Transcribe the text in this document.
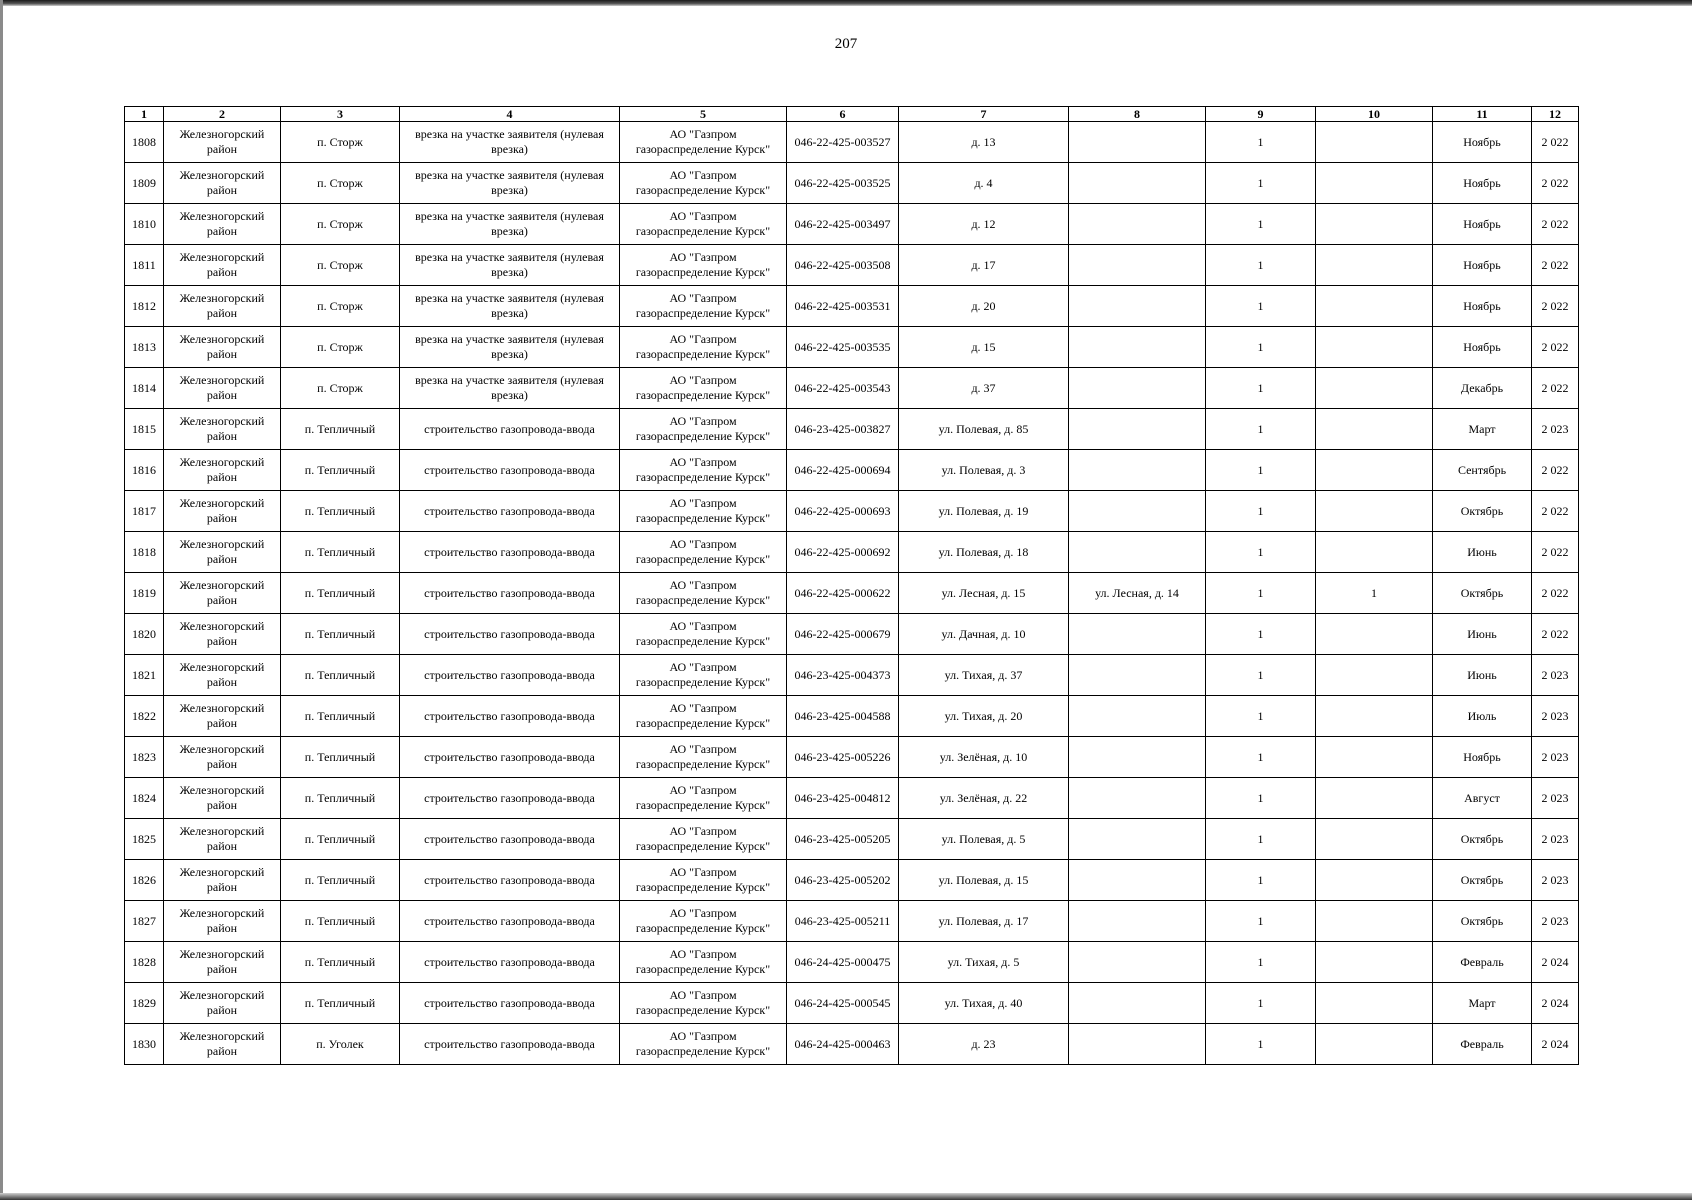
207
1	2	3	4	5	6	7	8	9	10	11	12
1808	Железногорский район	п. Сторж	врезка на участке заявителя (нулевая врезка)	АО "Газпром газораспределение Курск"	046-22-425-003527	д. 13		1		Ноябрь	2 022
1809	Железногорский район	п. Сторж	врезка на участке заявителя (нулевая врезка)	АО "Газпром газораспределение Курск"	046-22-425-003525	д. 4		1		Ноябрь	2 022
1810	Железногорский район	п. Сторж	врезка на участке заявителя (нулевая врезка)	АО "Газпром газораспределение Курск"	046-22-425-003497	д. 12		1		Ноябрь	2 022
1811	Железногорский район	п. Сторж	врезка на участке заявителя (нулевая врезка)	АО "Газпром газораспределение Курск"	046-22-425-003508	д. 17		1		Ноябрь	2 022
1812	Железногорский район	п. Сторж	врезка на участке заявителя (нулевая врезка)	АО "Газпром газораспределение Курск"	046-22-425-003531	д. 20		1		Ноябрь	2 022
1813	Железногорский район	п. Сторж	врезка на участке заявителя (нулевая врезка)	АО "Газпром газораспределение Курск"	046-22-425-003535	д. 15		1		Ноябрь	2 022
1814	Железногорский район	п. Сторж	врезка на участке заявителя (нулевая врезка)	АО "Газпром газораспределение Курск"	046-22-425-003543	д. 37		1		Декабрь	2 022
1815	Железногорский район	п. Тепличный	строительство газопровода-ввода	АО "Газпром газораспределение Курск"	046-23-425-003827	ул. Полевая, д. 85		1		Март	2 023
1816	Железногорский район	п. Тепличный	строительство газопровода-ввода	АО "Газпром газораспределение Курск"	046-22-425-000694	ул. Полевая, д. 3		1		Сентябрь	2 022
1817	Железногорский район	п. Тепличный	строительство газопровода-ввода	АО "Газпром газораспределение Курск"	046-22-425-000693	ул. Полевая, д. 19		1		Октябрь	2 022
1818	Железногорский район	п. Тепличный	строительство газопровода-ввода	АО "Газпром газораспределение Курск"	046-22-425-000692	ул. Полевая, д. 18		1		Июнь	2 022
1819	Железногорский район	п. Тепличный	строительство газопровода-ввода	АО "Газпром газораспределение Курск"	046-22-425-000622	ул. Лесная, д. 15	ул. Лесная, д. 14	1	1	Октябрь	2 022
1820	Железногорский район	п. Тепличный	строительство газопровода-ввода	АО "Газпром газораспределение Курск"	046-22-425-000679	ул. Дачная, д. 10		1		Июнь	2 022
1821	Железногорский район	п. Тепличный	строительство газопровода-ввода	АО "Газпром газораспределение Курск"	046-23-425-004373	ул. Тихая, д. 37		1		Июнь	2 023
1822	Железногорский район	п. Тепличный	строительство газопровода-ввода	АО "Газпром газораспределение Курск"	046-23-425-004588	ул. Тихая, д. 20		1		Июль	2 023
1823	Железногорский район	п. Тепличный	строительство газопровода-ввода	АО "Газпром газораспределение Курск"	046-23-425-005226	ул. Зелёная, д. 10		1		Ноябрь	2 023
1824	Железногорский район	п. Тепличный	строительство газопровода-ввода	АО "Газпром газораспределение Курск"	046-23-425-004812	ул. Зелёная, д. 22		1		Август	2 023
1825	Железногорский район	п. Тепличный	строительство газопровода-ввода	АО "Газпром газораспределение Курск"	046-23-425-005205	ул. Полевая, д. 5		1		Октябрь	2 023
1826	Железногорский район	п. Тепличный	строительство газопровода-ввода	АО "Газпром газораспределение Курск"	046-23-425-005202	ул. Полевая, д. 15		1		Октябрь	2 023
1827	Железногорский район	п. Тепличный	строительство газопровода-ввода	АО "Газпром газораспределение Курск"	046-23-425-005211	ул. Полевая, д. 17		1		Октябрь	2 023
1828	Железногорский район	п. Тепличный	строительство газопровода-ввода	АО "Газпром газораспределение Курск"	046-24-425-000475	ул. Тихая, д. 5		1		Февраль	2 024
1829	Железногорский район	п. Тепличный	строительство газопровода-ввода	АО "Газпром газораспределение Курск"	046-24-425-000545	ул. Тихая, д. 40		1		Март	2 024
1830	Железногорский район	п. Уголек	строительство газопровода-ввода	АО "Газпром газораспределение Курск"	046-24-425-000463	д. 23		1		Февраль	2 024
